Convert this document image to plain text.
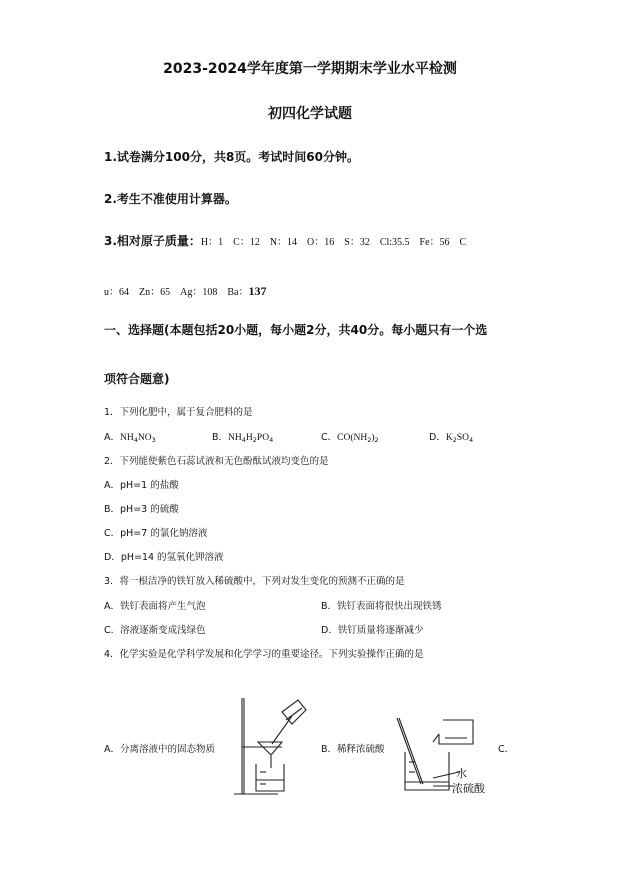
2023-2024学年度第一学期期末学业水平检测
初四化学试题
1.试卷满分100分，共8页。考试时间60分钟。
2.考生不准使用计算器。
3.相对原子质量：H：1　C：12　N：14　O：16　S：32　Cl:35.5　Fe：56　C
u：64　Zn：65　Ag：108　Ba：137
一、选择题(本题包括20小题，每小题2分，共40分。每小题只有一个选
项符合题意)
1．下列化肥中，属于复合肥料的是
A．$NH_4NO_3$	B．$NH_4H_2PO_4$	C．$CO(NH_2)_2$	D．$K_2SO_4$
2．下列能使紫色石蕊试液和无色酚酞试液均变色的是
A．pH=1 的盐酸
B．pH=3 的硫酸
C．pH=7 的氯化钠溶液
D．pH=14 的氢氧化钾溶液
3．将一根洁净的铁钉放入稀硫酸中，下列对发生变化的预测不正确的是
A．铁钉表面将产生气泡	B．铁钉表面将很快出现铁锈
C．溶液逐渐变成浅绿色	D．铁钉质量将逐渐减少
4．化学实验是化学科学发展和化学学习的重要途径。下列实验操作正确的是
A．分离溶液中的固态物质	B．稀释浓硫酸	C．
水
浓硫酸
